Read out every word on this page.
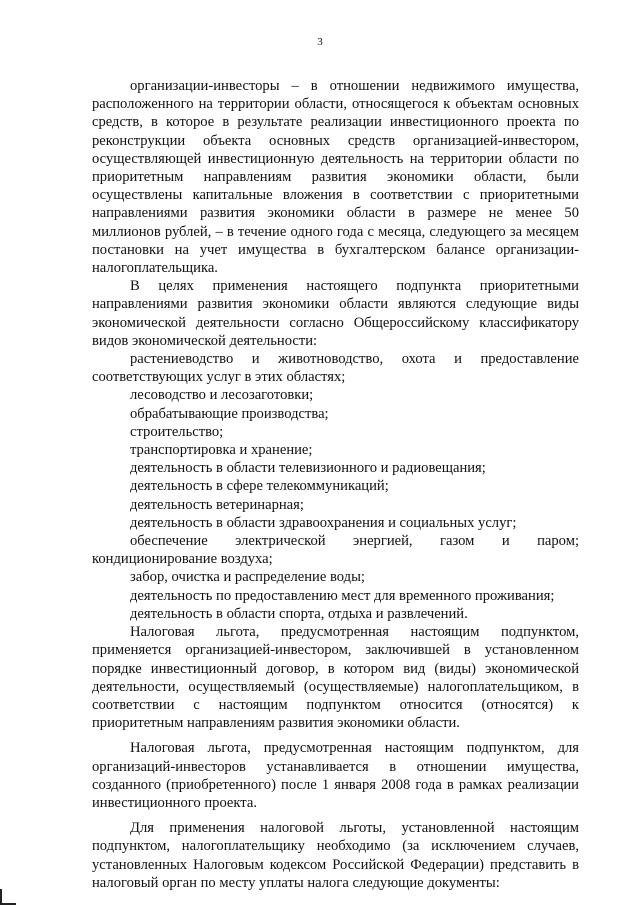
3

организации-инвесторы – в отношении недвижимого имущества, расположенного на территории области, относящегося к объектам основных средств, в которое в результате реализации инвестиционного проекта по реконструкции объекта основных средств организацией-инвестором, осуществляющей инвестиционную деятельность на территории области по приоритетным направлениям развития экономики области, были осуществлены капитальные вложения в соответствии с приоритетными направлениями развития экономики области в размере не менее 50 миллионов рублей, – в течение одного года с месяца, следующего за месяцем постановки на учет имущества в бухгалтерском балансе организации-налогоплательщика.

В целях применения настоящего подпункта приоритетными направлениями развития экономики области являются следующие виды экономической деятельности согласно Общероссийскому классификатору видов экономической деятельности:

растениеводство и животноводство, охота и предоставление соответствующих услуг в этих областях;

лесоводство и лесозаготовки;

обрабатывающие производства;

строительство;

транспортировка и хранение;

деятельность в области телевизионного и радиовещания;

деятельность в сфере телекоммуникаций;

деятельность ветеринарная;

деятельность в области здравоохранения и социальных услуг;

обеспечение электрической энергией, газом и паром; кондиционирование воздуха;

забор, очистка и распределение воды;

деятельность по предоставлению мест для временного проживания;

деятельность в области спорта, отдыха и развлечений.

Налоговая льгота, предусмотренная настоящим подпунктом, применяется организацией-инвестором, заключившей в установленном порядке инвестиционный договор, в котором вид (виды) экономической деятельности, осуществляемый (осуществляемые) налогоплательщиком, в соответствии с настоящим подпунктом относится (относятся) к приоритетным направлениям развития экономики области.

Налоговая льгота, предусмотренная настоящим подпунктом, для организаций-инвесторов устанавливается в отношении имущества, созданного (приобретенного) после 1 января 2008 года в рамках реализации инвестиционного проекта.

Для применения налоговой льготы, установленной настоящим подпунктом, налогоплательщику необходимо (за исключением случаев, установленных Налоговым кодексом Российской Федерации) представить в налоговый орган по месту уплаты налога следующие документы:
